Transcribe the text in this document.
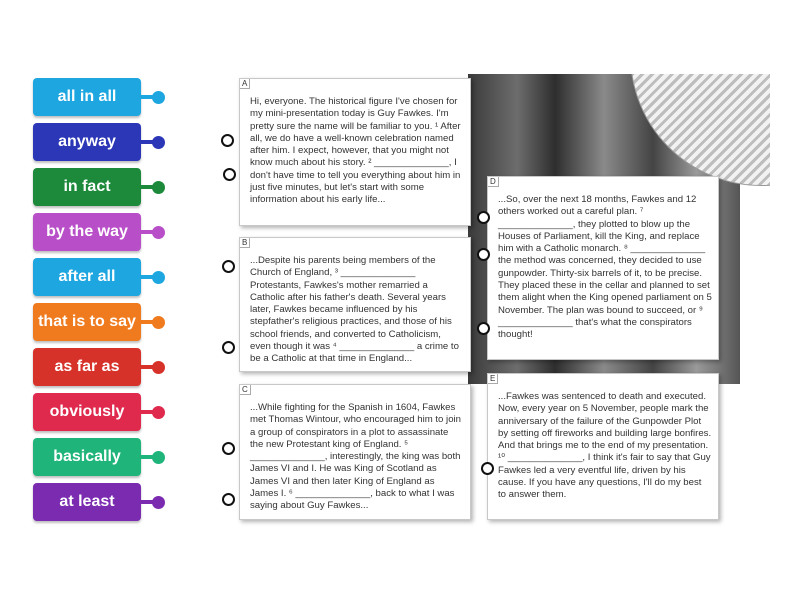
all in all
anyway
in fact
by the way
after all
that is to say
as far as
obviously
basically
at least
A

Hi, everyone. The historical figure I've chosen for my mini-presentation today is Guy Fawkes. I'm pretty sure the name will be familiar to you. ¹ After all, we do have a well-known celebration named after him. I expect, however, that you might not know much about his story. ² ______________, I don't have time to tell you everything about him in just five minutes, but let's start with some information about his early life...

B

...Despite his parents being members of the Church of England, ³ ______________ Protestants, Fawkes's mother remarried a Catholic after his father's death. Several years later, Fawkes became influenced by his stepfather's religious practices, and those of his school friends, and converted to Catholicism, even though it was ⁴ ______________ a crime to be a Catholic at that time in England...

C

...While fighting for the Spanish in 1604, Fawkes met Thomas Wintour, who encouraged him to join a group of conspirators in a plot to assassinate the new Protestant king of England. ⁵ ______________, interestingly, the king was both James VI and I. He was King of Scotland as James VI and then later King of England as James I. ⁶ ______________, back to what I was saying about Guy Fawkes...

D

...So, over the next 18 months, Fawkes and 12 others worked out a careful plan. ⁷ ______________, they plotted to blow up the Houses of Parliament, kill the King, and replace him with a Catholic monarch. ⁸ ______________ the method was concerned, they decided to use gunpowder. Thirty-six barrels of it, to be precise. They placed these in the cellar and planned to set them alight when the King opened parliament on 5 November. The plan was bound to succeed, or ⁹ ______________ that's what the conspirators thought!

E

...Fawkes was sentenced to death and executed. Now, every year on 5 November, people mark the anniversary of the failure of the Gunpowder Plot by setting off fireworks and building large bonfires. And that brings me to the end of my presentation. ¹⁰ ______________, I think it's fair to say that Guy Fawkes led a very eventful life, driven by his cause. If you have any questions, I'll do my best to answer them.
